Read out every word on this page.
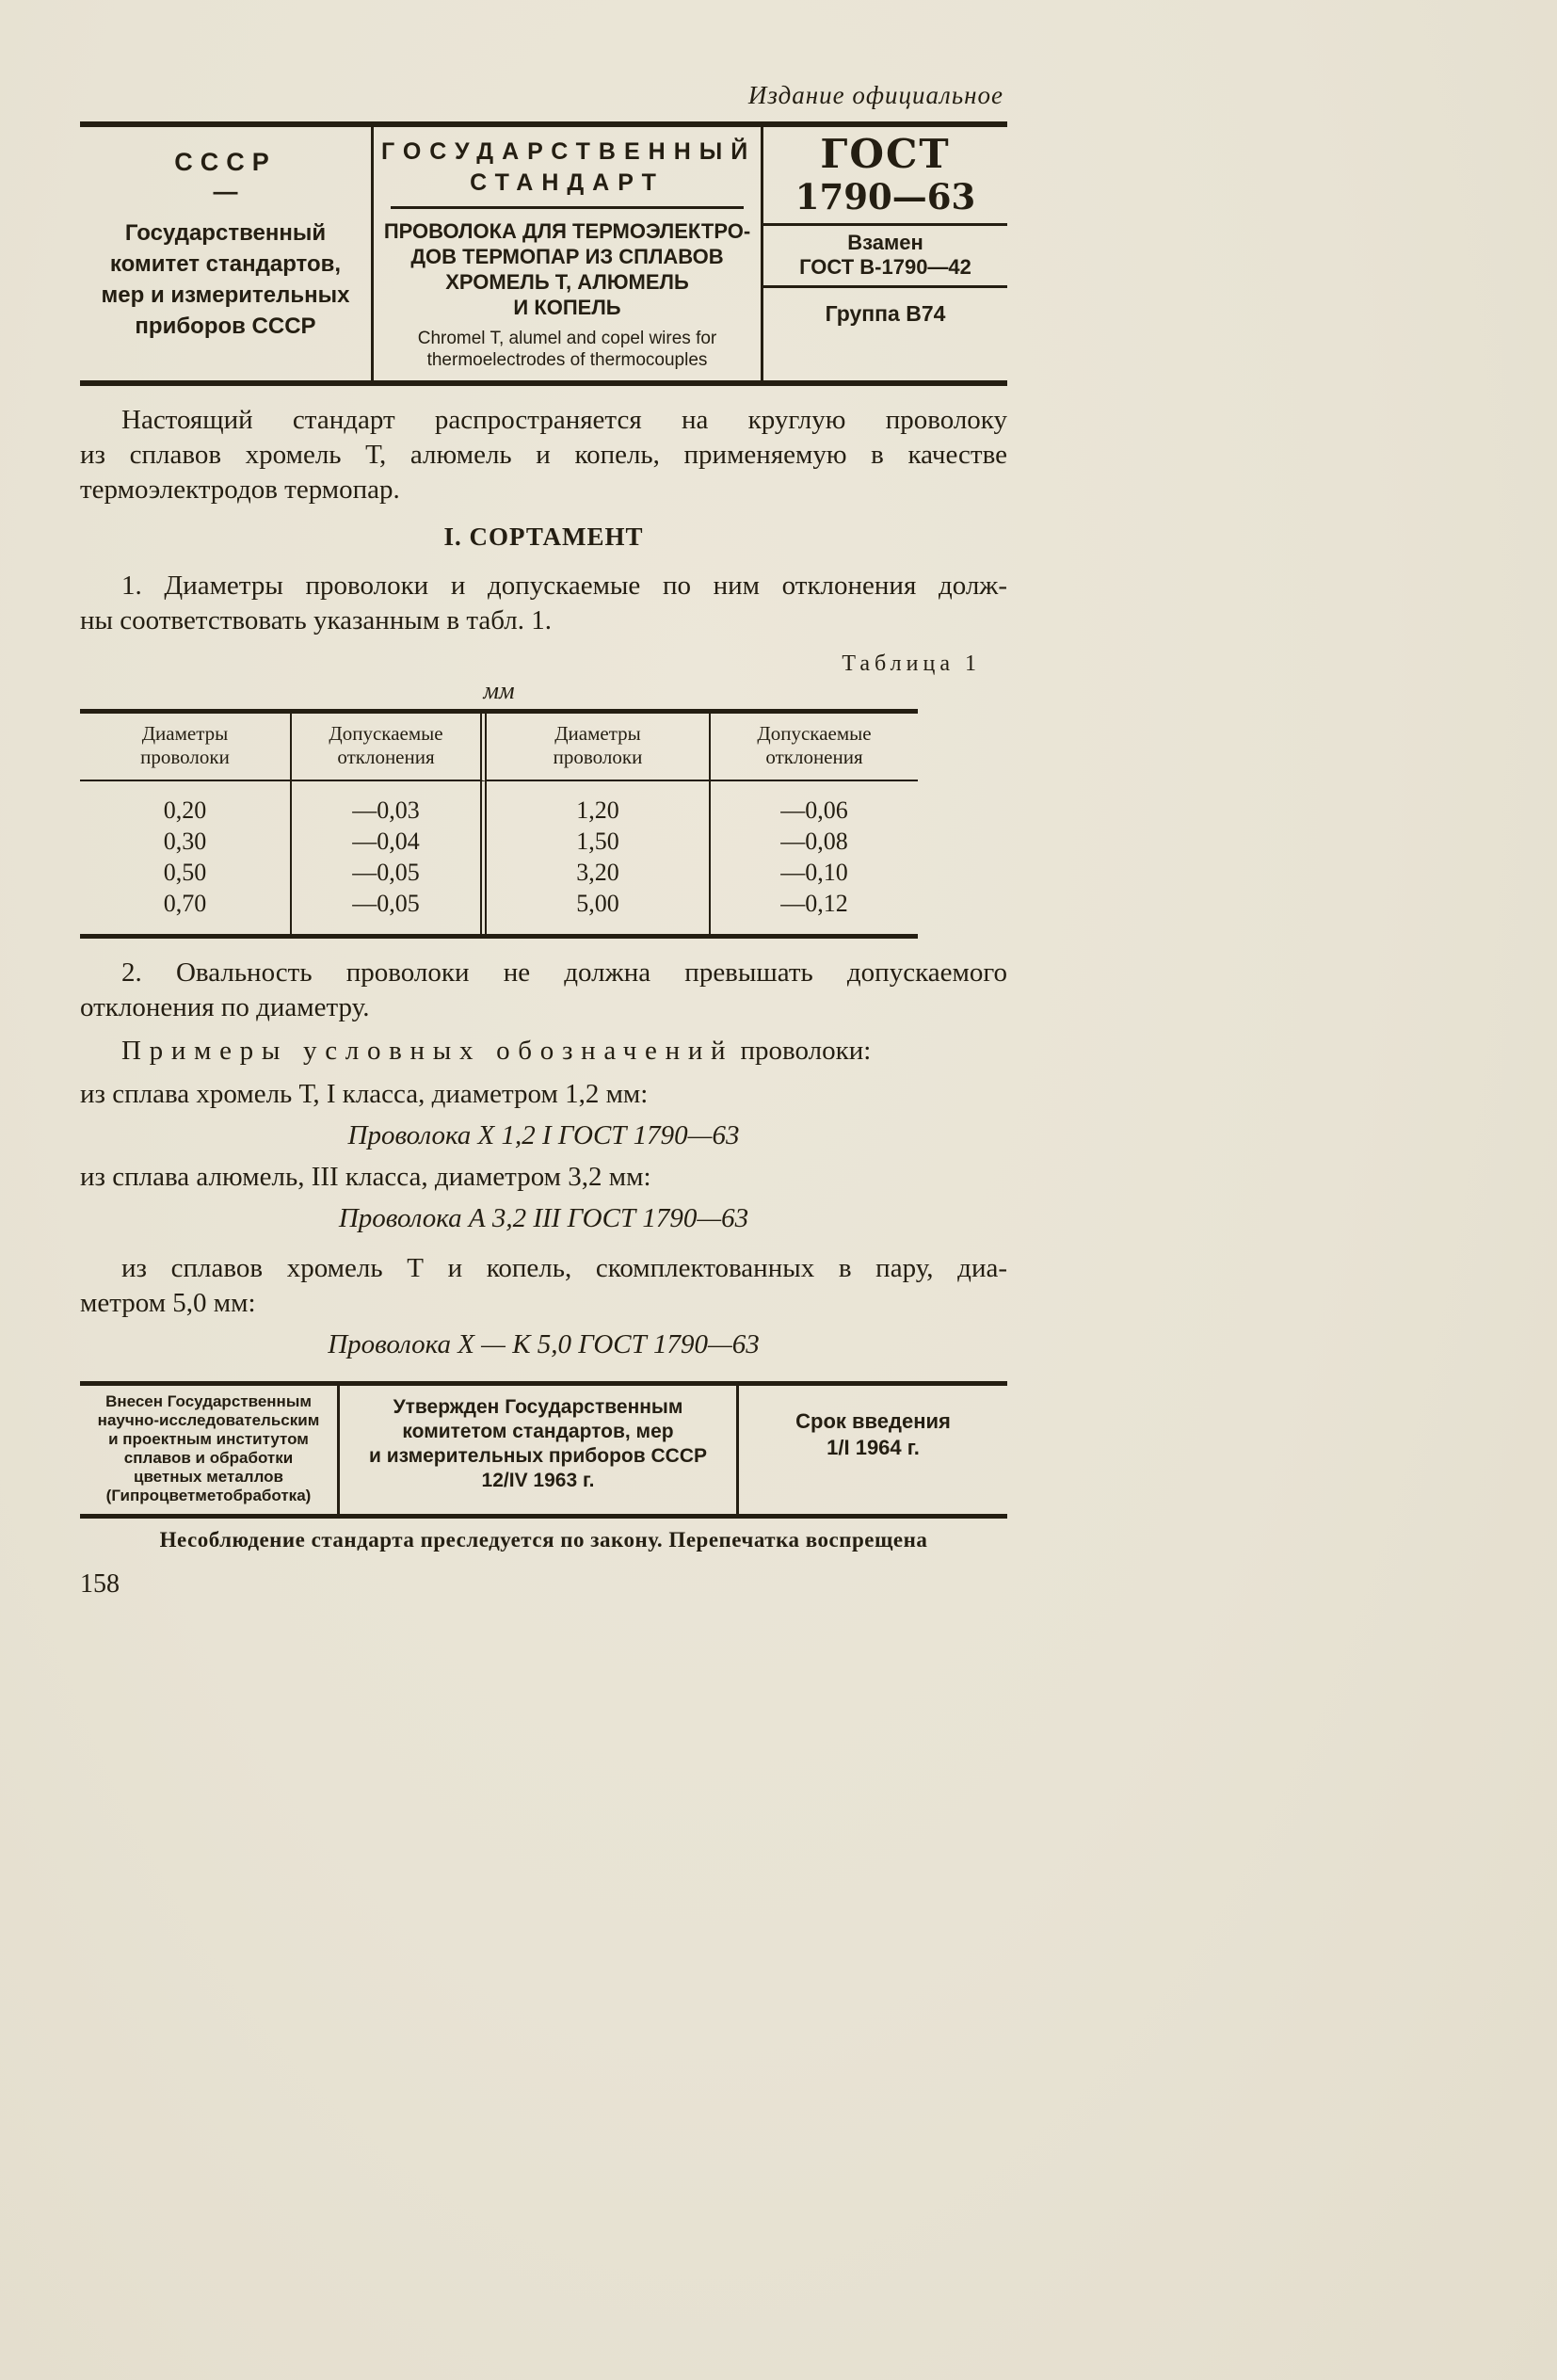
Издание официальное
СССР
—
Государственный
комитет стандартов,
мер и измерительных
приборов СССР
ГОСУДАРСТВЕННЫЙ
СТАНДАРТ
ПРОВОЛОКА ДЛЯ ТЕРМОЭЛЕКТРО-
ДОВ ТЕРМОПАР ИЗ СПЛАВОВ
ХРОМЕЛЬ Т, АЛЮМЕЛЬ
И КОПЕЛЬ
Chromel T, alumel and copel wires for
thermoelectrodes of thermocouples
ГОСТ
1790—63
Взамен
ГОСТ В-1790—42
Группа В74
Настоящий стандарт распространяется на круглую проволоку
из сплавов хромель Т, алюмель и копель, применяемую в качестве
термоэлектродов термопар.
I. СОРТАМЕНТ
1. Диаметры проволоки и допускаемые по ним отклонения долж-
ны соответствовать указанным в табл. 1.
Таблица 1
мм
Диаметры
проволоки
Допускаемые
отклонения
Диаметры
проволоки
Допускаемые
отклонения
0,20	—0,03	1,20	—0,06
0,30	—0,04	1,50	—0,08
0,50	—0,05	3,20	—0,10
0,70	—0,05	5,00	—0,12
2. Овальность проволоки не должна превышать допускаемого
отклонения по диаметру.
Примеры условных обозначений проволоки:
из сплава хромель Т, I класса, диаметром 1,2 мм:
Проволока X 1,2 I ГОСТ 1790—63
из сплава алюмель, III класса, диаметром 3,2 мм:
Проволока А 3,2 III ГОСТ 1790—63
из сплавов хромель Т и копель, скомплектованных в пару, диа-
метром 5,0 мм:
Проволока X — К 5,0 ГОСТ 1790—63
Внесен Государственным
научно-исследовательским
и проектным институтом
сплавов и обработки
цветных металлов
(Гипроцветметобработка)
Утвержден Государственным
комитетом стандартов, мер
и измерительных приборов СССР
12/IV 1963 г.
Срок введения
1/I 1964 г.
Несоблюдение стандарта преследуется по закону. Перепечатка воспрещена
158
